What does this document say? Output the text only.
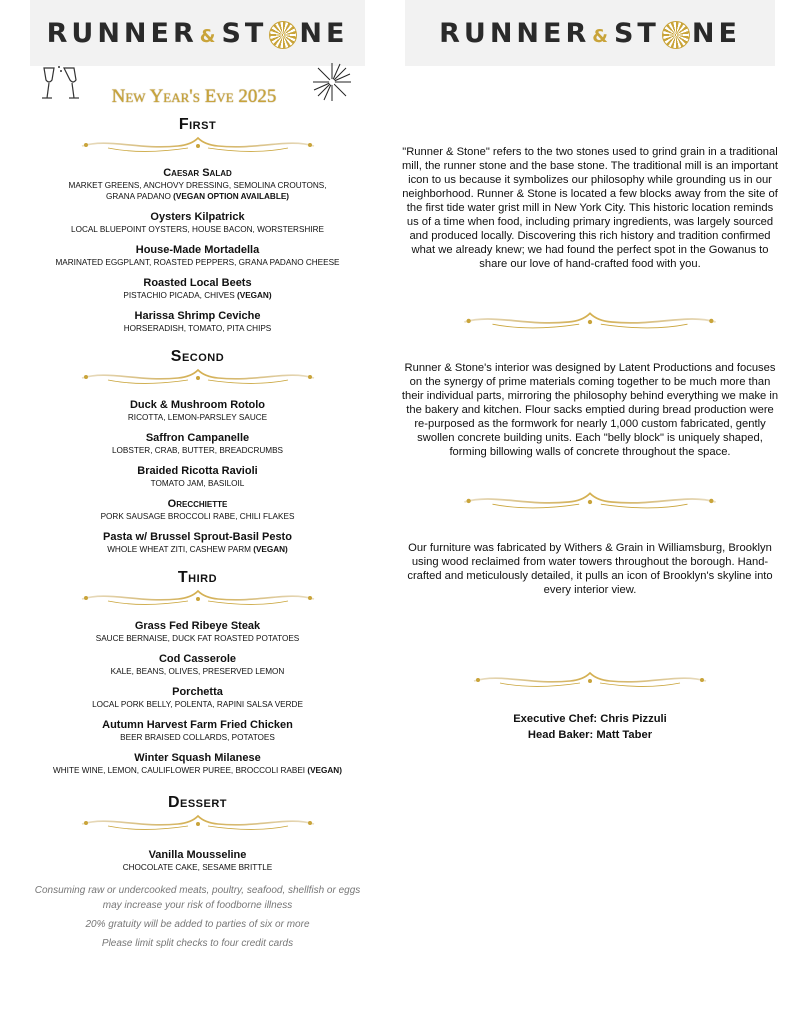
RUNNER & ST NE
New Year's Eve 2025
First
Caesar Salad
MARKET GREENS, ANCHOVY DRESSING, SEMOLINA CROUTONS,
GRANA PADANO (VEGAN OPTION AVAILABLE)
Oysters Kilpatrick
LOCAL BLUEPOINT OYSTERS, HOUSE BACON, WORSTERSHIRE
House-Made Mortadella
MARINATED EGGPLANT, ROASTED PEPPERS, GRANA PADANO CHEESE
Roasted Local Beets
PISTACHIO PICADA, CHIVES (VEGAN)
Harissa Shrimp Ceviche
HORSERADISH, TOMATO, PITA CHIPS
Second
Duck & Mushroom Rotolo
RICOTTA, LEMON-PARSLEY SAUCE
Saffron Campanelle
LOBSTER, CRAB, BUTTER, BREADCRUMBS
Braided Ricotta Ravioli
TOMATO JAM, BASILOIL
Orecchiette
PORK SAUSAGE BROCCOLI RABE, CHILI FLAKES
Pasta w/ Brussel Sprout-Basil Pesto
WHOLE WHEAT ZITI, CASHEW PARM (VEGAN)
Third
Grass Fed Ribeye Steak
SAUCE BERNAISE, DUCK FAT ROASTED POTATOES
Cod Casserole
KALE, BEANS, OLIVES, PRESERVED LEMON
Porchetta
LOCAL PORK BELLY, POLENTA, RAPINI SALSA VERDE
Autumn Harvest Farm Fried Chicken
BEER BRAISED COLLARDS, POTATOES
Winter Squash Milanese
WHITE WINE, LEMON, CAULIFLOWER PUREE, BROCCOLI RABEI (VEGAN)
Dessert
Vanilla Mousseline
CHOCOLATE CAKE, SESAME BRITTLE
Consuming raw or undercooked meats, poultry, seafood, shellfish or eggs may increase your risk of foodborne illness
20% gratuity will be added to parties of six or more
Please limit split checks to four credit cards
RUNNER & ST NE

"Runner & Stone" refers to the two stones used to grind grain in a traditional mill, the runner stone and the base stone. The traditional mill is an important icon to us because it symbolizes our philosophy while grounding us in our neighborhood. Runner & Stone is located a few blocks away from the site of the first tide water grist mill in New York City. This historic location reminds us of a time when food, including primary ingredients, was largely sourced and produced locally. Discovering this rich history and tradition confirmed what we already knew; we had found the perfect spot in the Gowanus to share our love of hand-crafted food with you.

Runner & Stone's interior was designed by Latent Productions and focuses on the synergy of prime materials coming together to be much more than their individual parts, mirroring the philosophy behind everything we make in the bakery and kitchen. Flour sacks emptied during bread production were re-purposed as the formwork for nearly 1,000 custom fabricated, gently swollen concrete building units. Each "belly block" is uniquely shaped, forming billowing walls of concrete throughout the space.

Our furniture was fabricated by Withers & Grain in Williamsburg, Brooklyn using wood reclaimed from water towers throughout the borough. Hand-crafted and meticulously detailed, it pulls an icon of Brooklyn's skyline into every interior view.

Executive Chef: Chris Pizzuli
Head Baker: Matt Taber
